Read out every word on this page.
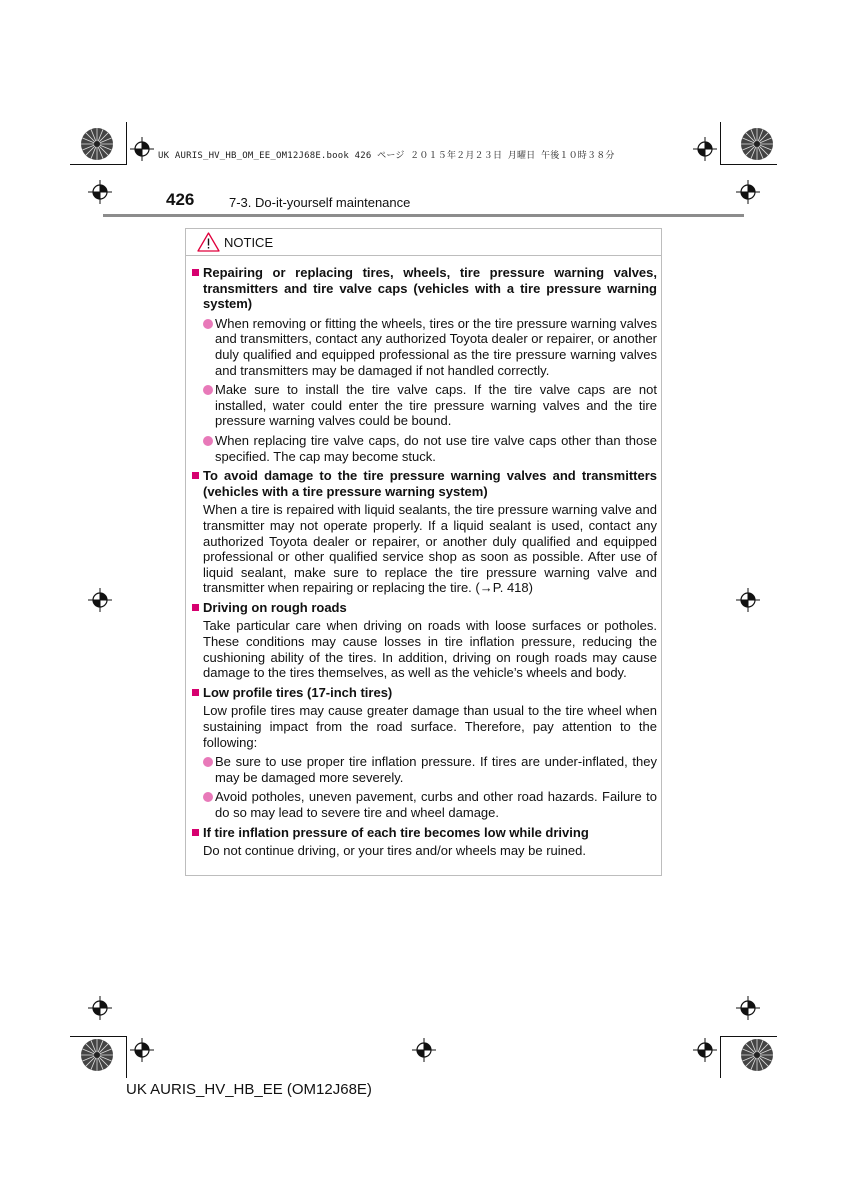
UK AURIS_HV_HB_OM_EE_OM12J68E.book 426 ページ ２０１５年２月２３日 月曜日 午後１０時３８分
426	7-3. Do-it-yourself maintenance
NOTICE
Repairing or replacing tires, wheels, tire pressure warning valves, transmitters and tire valve caps (vehicles with a tire pressure warning system)
When removing or fitting the wheels, tires or the tire pressure warning valves and transmitters, contact any authorized Toyota dealer or repairer, or another duly qualified and equipped professional as the tire pressure warning valves and transmitters may be damaged if not handled correctly.
Make sure to install the tire valve caps. If the tire valve caps are not installed, water could enter the tire pressure warning valves and the tire pressure warning valves could be bound.
When replacing tire valve caps, do not use tire valve caps other than those specified. The cap may become stuck.
To avoid damage to the tire pressure warning valves and transmitters (vehicles with a tire pressure warning system)
When a tire is repaired with liquid sealants, the tire pressure warning valve and transmitter may not operate properly. If a liquid sealant is used, contact any authorized Toyota dealer or repairer, or another duly qualified and equipped professional or other qualified service shop as soon as possible. After use of liquid sealant, make sure to replace the tire pressure warning valve and transmitter when repairing or replacing the tire. (→P. 418)
Driving on rough roads
Take particular care when driving on roads with loose surfaces or potholes. These conditions may cause losses in tire inflation pressure, reducing the cushioning ability of the tires. In addition, driving on rough roads may cause damage to the tires themselves, as well as the vehicle’s wheels and body.
Low profile tires (17-inch tires)
Low profile tires may cause greater damage than usual to the tire wheel when sustaining impact from the road surface. Therefore, pay attention to the following:
Be sure to use proper tire inflation pressure. If tires are under-inflated, they may be damaged more severely.
Avoid potholes, uneven pavement, curbs and other road hazards. Failure to do so may lead to severe tire and wheel damage.
If tire inflation pressure of each tire becomes low while driving
Do not continue driving, or your tires and/or wheels may be ruined.
UK AURIS_HV_HB_EE (OM12J68E)
